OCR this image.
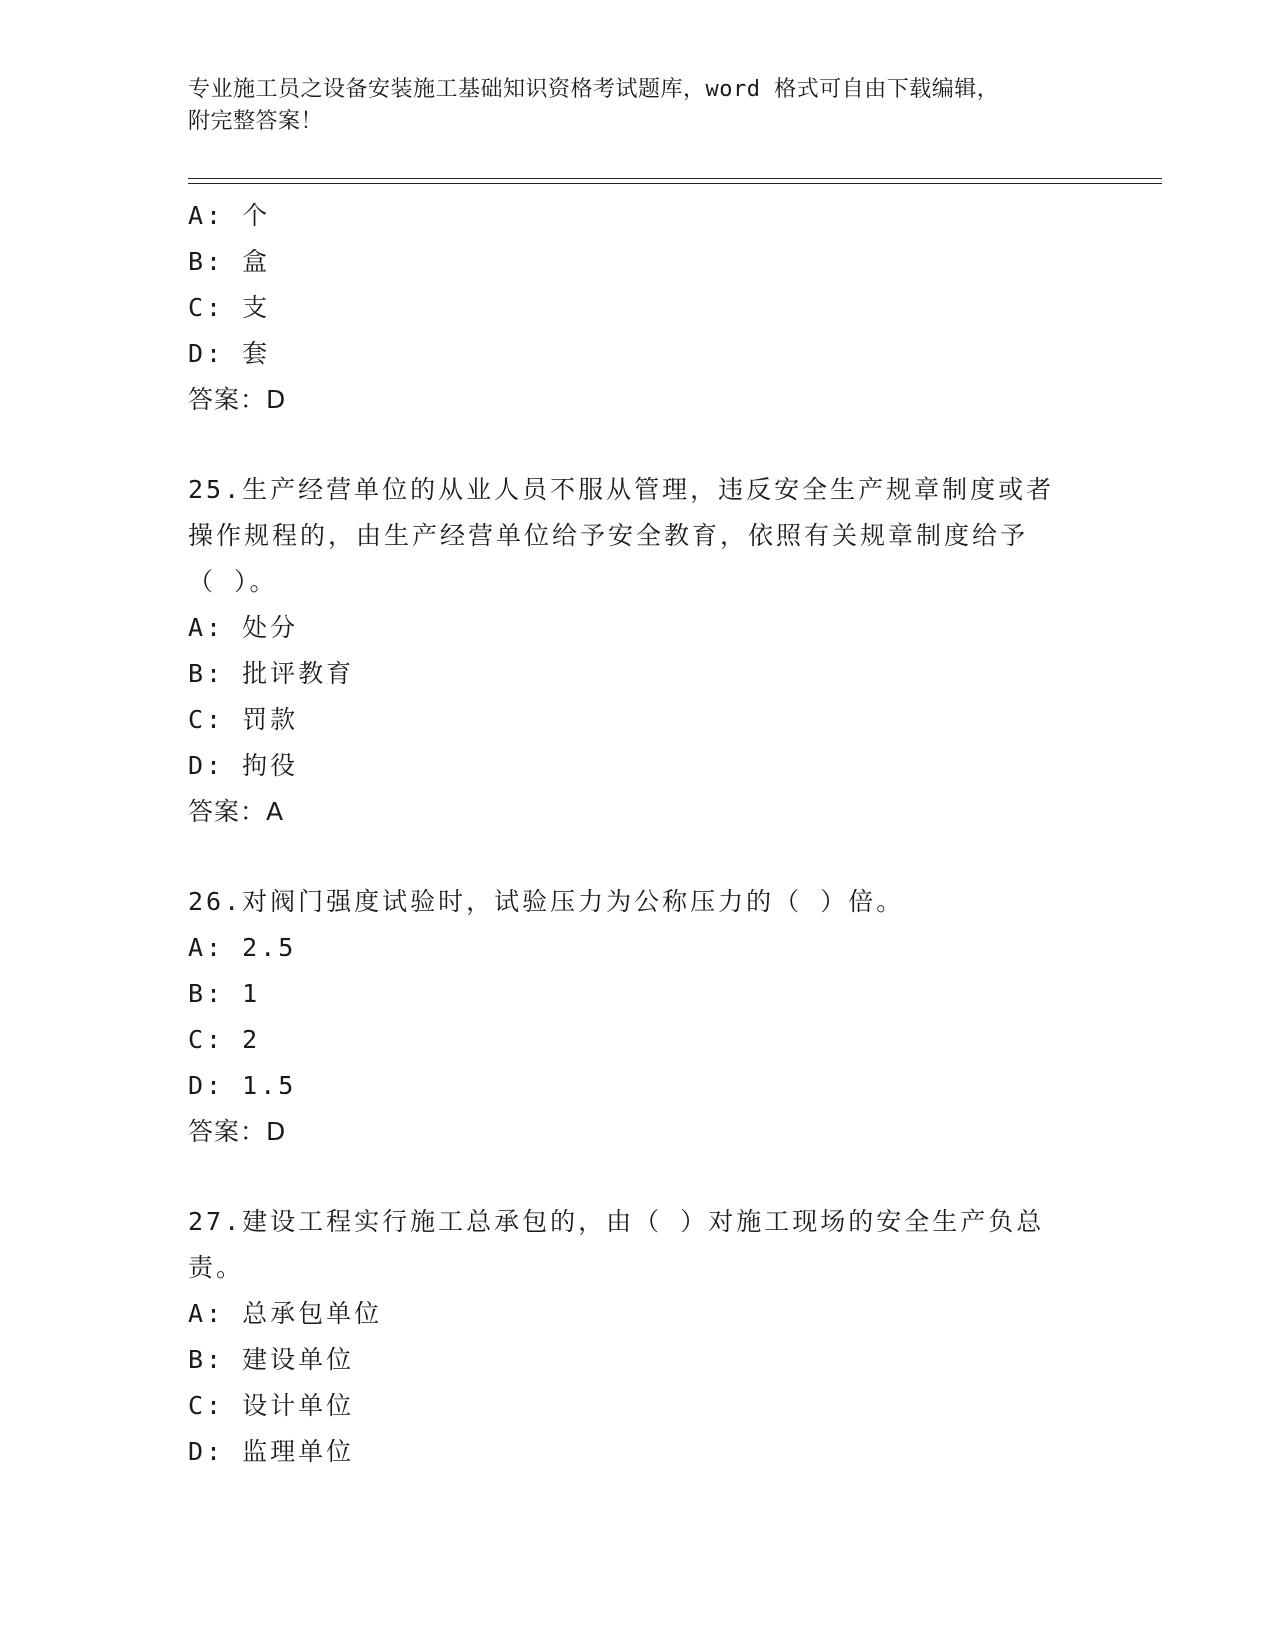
专业施工员之设备安装施工基础知识资格考试题库，word 格式可自由下载编辑，
附完整答案！
A: 个
B: 盒
C: 支
D: 套
答案：D
25.生产经营单位的从业人员不服从管理，违反安全生产规章制度或者
操作规程的，由生产经营单位给予安全教育，依照有关规章制度给予
（ ）。
A: 处分
B: 批评教育
C: 罚款
D: 拘役
答案：A
26.对阀门强度试验时，试验压力为公称压力的（ ）倍。
A: 2.5
B: 1
C: 2
D: 1.5
答案：D
27.建设工程实行施工总承包的，由（ ）对施工现场的安全生产负总
责。
A: 总承包单位
B: 建设单位
C: 设计单位
D: 监理单位
